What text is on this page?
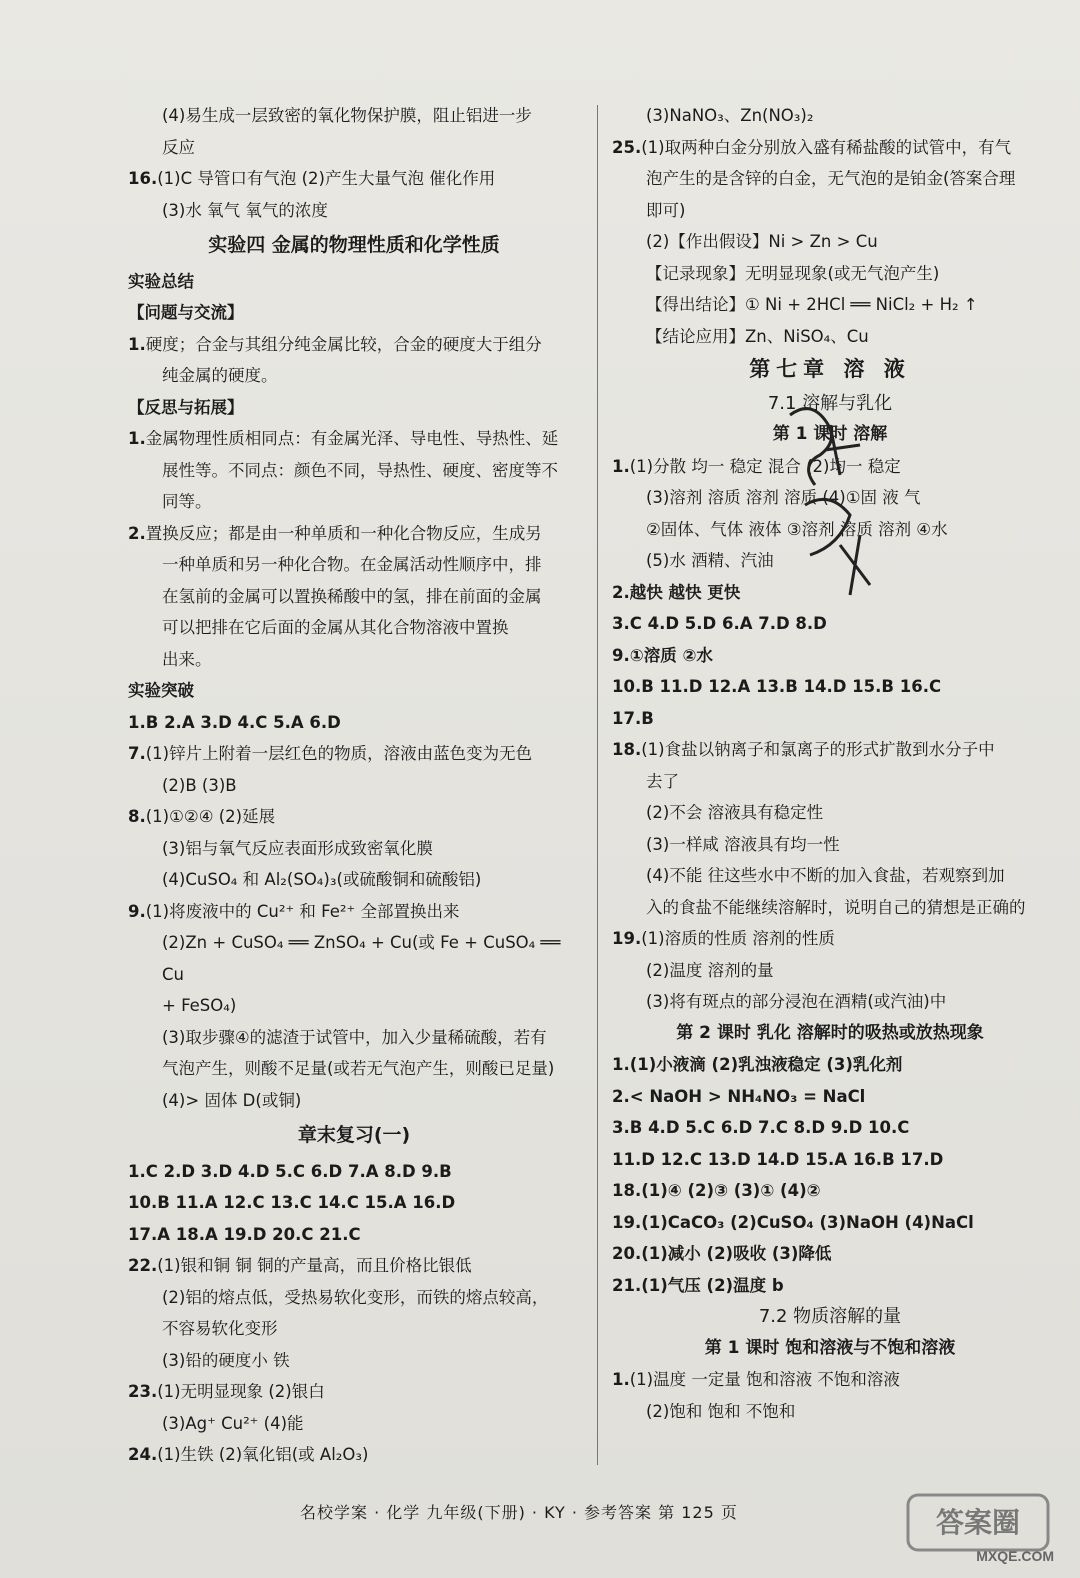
(4)易生成一层致密的氧化物保护膜，阻止铝进一步
反应
16.(1)C 导管口有气泡 (2)产生大量气泡 催化作用
(3)水 氧气 氧气的浓度
实验四 金属的物理性质和化学性质
实验总结
【问题与交流】
1.硬度；合金与其组分纯金属比较，合金的硬度大于组分
纯金属的硬度。
【反思与拓展】
1.金属物理性质相同点：有金属光泽、导电性、导热性、延
展性等。不同点：颜色不同，导热性、硬度、密度等不
同等。
2.置换反应；都是由一种单质和一种化合物反应，生成另
一种单质和另一种化合物。在金属活动性顺序中，排
在氢前的金属可以置换稀酸中的氢，排在前面的金属
可以把排在它后面的金属从其化合物溶液中置换
出来。
实验突破
1.B 2.A 3.D 4.C 5.A 6.D
7.(1)锌片上附着一层红色的物质，溶液由蓝色变为无色
(2)B (3)B
8.(1)①②④ (2)延展
(3)铝与氧气反应表面形成致密氧化膜
(4)CuSO₄ 和 Al₂(SO₄)₃(或硫酸铜和硫酸铝)
9.(1)将废液中的 Cu²⁺ 和 Fe²⁺ 全部置换出来
(2)Zn + CuSO₄ ══ ZnSO₄ + Cu(或 Fe + CuSO₄ ══ Cu
+ FeSO₄)
(3)取步骤④的滤渣于试管中，加入少量稀硫酸，若有
气泡产生，则酸不足量(或若无气泡产生，则酸已足量)
(4)> 固体 D(或铜)
章末复习(一)
1.C 2.D 3.D 4.D 5.C 6.D 7.A 8.D 9.B
10.B 11.A 12.C 13.C 14.C 15.A 16.D
17.A 18.A 19.D 20.C 21.C
22.(1)银和铜 铜 铜的产量高，而且价格比银低
(2)铝的熔点低，受热易软化变形，而铁的熔点较高，
不容易软化变形
(3)铅的硬度小 铁
23.(1)无明显现象 (2)银白
(3)Ag⁺ Cu²⁺ (4)能
24.(1)生铁 (2)氧化铝(或 Al₂O₃)
(3)NaNO₃、Zn(NO₃)₂
25.(1)取两种白金分别放入盛有稀盐酸的试管中，有气
泡产生的是含锌的白金，无气泡的是铂金(答案合理
即可)
(2)【作出假设】Ni > Zn > Cu
【记录现象】无明显现象(或无气泡产生)
【得出结论】① Ni + 2HCl ══ NiCl₂ + H₂ ↑
【结论应用】Zn、NiSO₄、Cu
第七章 溶 液
7.1 溶解与乳化
第 1 课时 溶解
1.(1)分散 均一 稳定 混合 (2)均一 稳定
(3)溶剂 溶质 溶剂 溶质 (4)①固 液 气
②固体、气体 液体 ③溶剂 溶质 溶剂 ④水
(5)水 酒精、汽油
2.越快 越快 更快
3.C 4.D 5.D 6.A 7.D 8.D
9.①溶质 ②水
10.B 11.D 12.A 13.B 14.D 15.B 16.C
17.B
18.(1)食盐以钠离子和氯离子的形式扩散到水分子中
去了
(2)不会 溶液具有稳定性
(3)一样咸 溶液具有均一性
(4)不能 往这些水中不断的加入食盐，若观察到加
入的食盐不能继续溶解时，说明自己的猜想是正确的
19.(1)溶质的性质 溶剂的性质
(2)温度 溶剂的量
(3)将有斑点的部分浸泡在酒精(或汽油)中
第 2 课时 乳化 溶解时的吸热或放热现象
1.(1)小液滴 (2)乳浊液稳定 (3)乳化剂
2.< NaOH > NH₄NO₃ = NaCl
3.B 4.D 5.C 6.D 7.C 8.D 9.D 10.C
11.D 12.C 13.D 14.D 15.A 16.B 17.D
18.(1)④ (2)③ (3)① (4)②
19.(1)CaCO₃ (2)CuSO₄ (3)NaOH (4)NaCl
20.(1)减小 (2)吸收 (3)降低
21.(1)气压 (2)温度 b
7.2 物质溶解的量
第 1 课时 饱和溶液与不饱和溶液
1.(1)温度 一定量 饱和溶液 不饱和溶液
(2)饱和 饱和 不饱和
名校学案 · 化学 九年级(下册) · KY · 参考答案 第 125 页	答案圈
MXQE.COM
